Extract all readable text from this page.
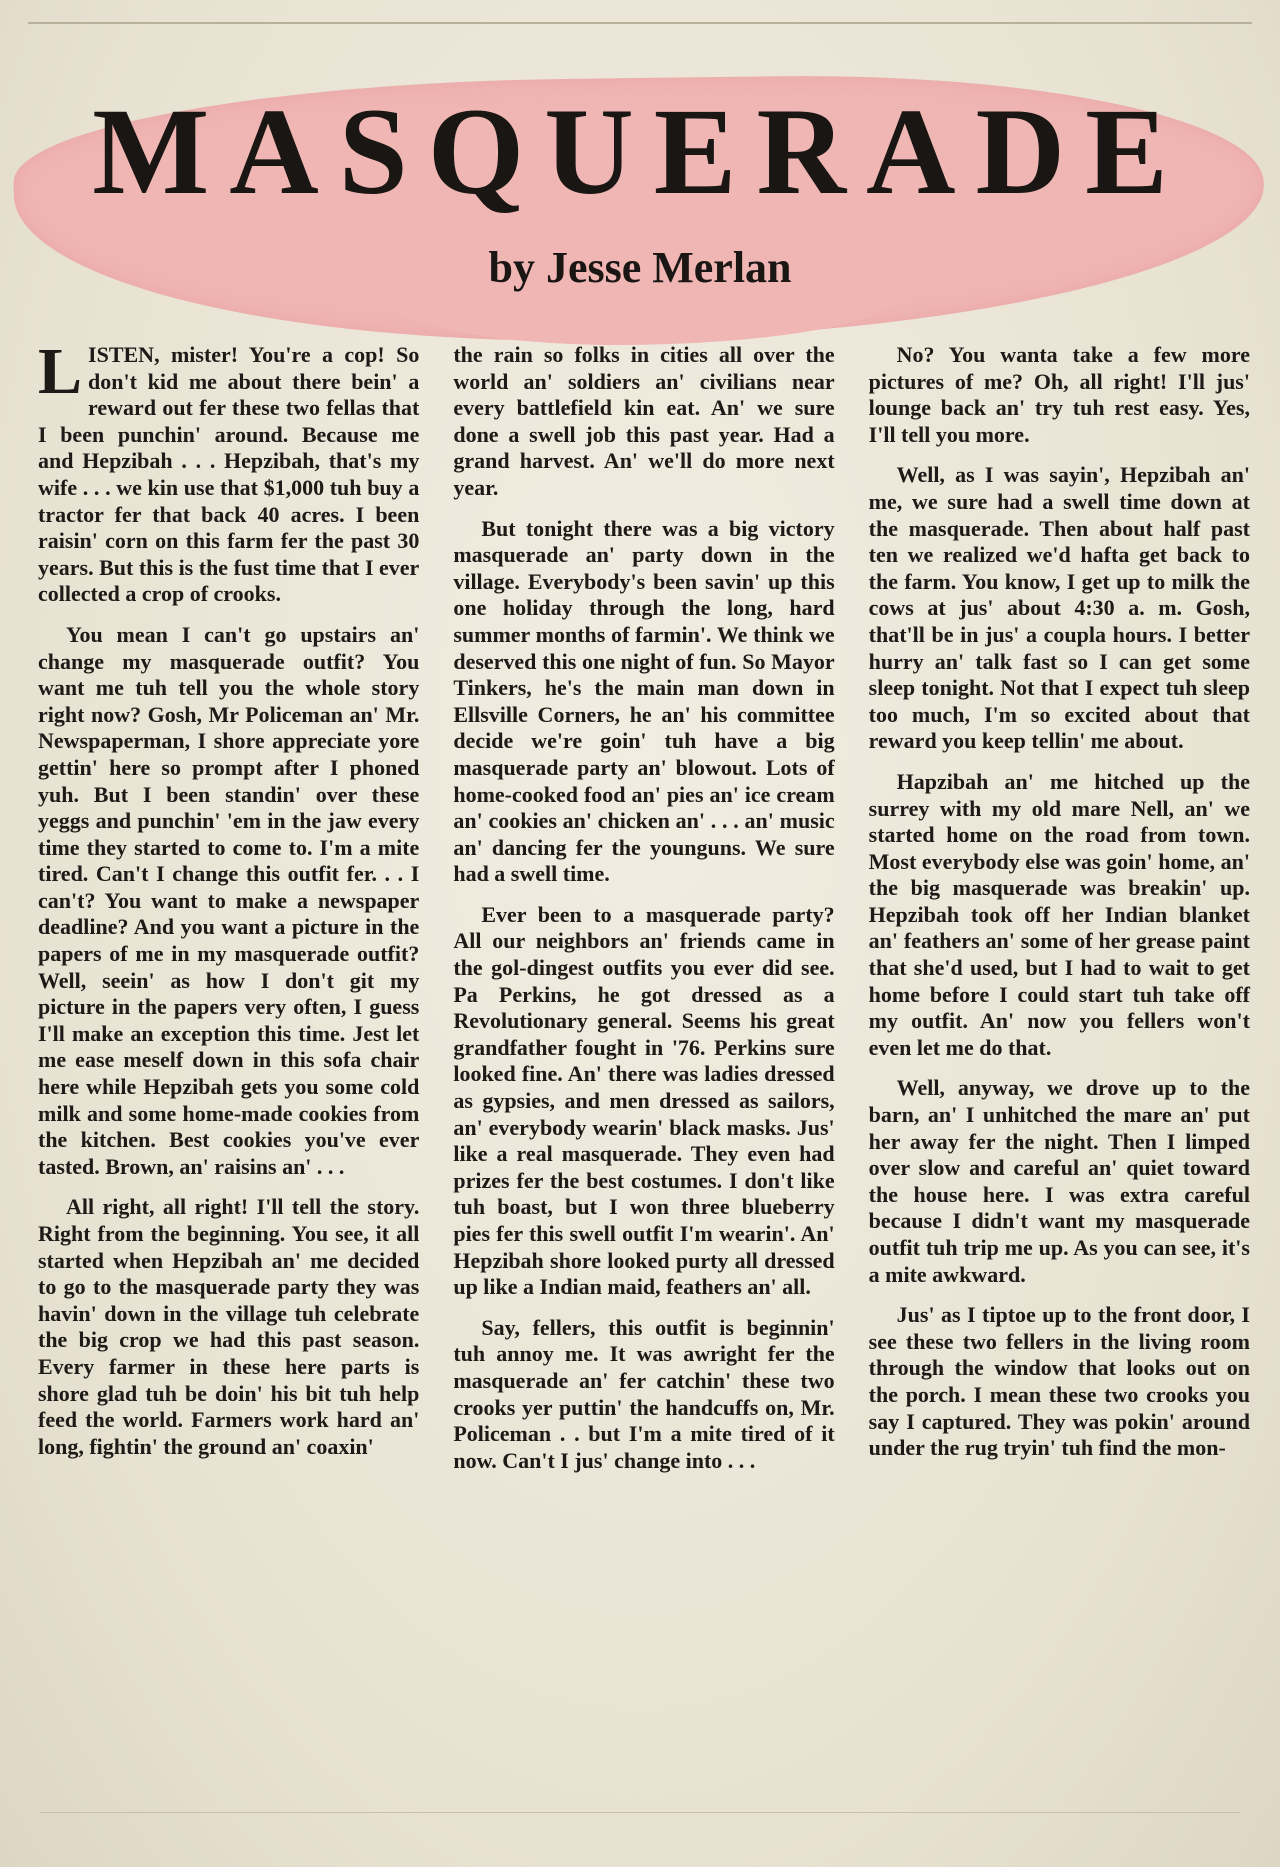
MASQUERADE
by Jesse Merlan

LISTEN, mister! You're a cop! So don't kid me about there bein' a reward out fer these two fellas that I been punchin' around. Because me and Hepzibah . . . Hepzibah, that's my wife . . . we kin use that $1,000 tuh buy a tractor fer that back 40 acres. I been raisin' corn on this farm fer the past 30 years. But this is the fust time that I ever collected a crop of crooks.

You mean I can't go upstairs an' change my masquerade outfit? You want me tuh tell you the whole story right now? Gosh, Mr Policeman an' Mr. Newspaperman, I shore appreciate yore gettin' here so prompt after I phoned yuh. But I been standin' over these yeggs and punchin' 'em in the jaw every time they started to come to. I'm a mite tired. Can't I change this outfit fer. . . I can't? You want to make a newspaper deadline? And you want a picture in the papers of me in my masquerade outfit? Well, seein' as how I don't git my picture in the papers very often, I guess I'll make an exception this time. Jest let me ease meself down in this sofa chair here while Hepzibah gets you some cold milk and some home-made cookies from the kitchen. Best cookies you've ever tasted. Brown, an' raisins an' . . .

All right, all right! I'll tell the story. Right from the beginning. You see, it all started when Hepzibah an' me decided to go to the masquerade party they was havin' down in the village tuh celebrate the big crop we had this past season. Every farmer in these here parts is shore glad tuh be doin' his bit tuh help feed the world. Farmers work hard an' long, fightin' the ground an' coaxin'

the rain so folks in cities all over the world an' soldiers an' civilians near every battlefield kin eat. An' we sure done a swell job this past year. Had a grand harvest. An' we'll do more next year.

But tonight there was a big victory masquerade an' party down in the village. Everybody's been savin' up this one holiday through the long, hard summer months of farmin'. We think we deserved this one night of fun. So Mayor Tinkers, he's the main man down in Ellsville Corners, he an' his committee decide we're goin' tuh have a big masquerade party an' blowout. Lots of home-cooked food an' pies an' ice cream an' cookies an' chicken an' . . . an' music an' dancing fer the younguns. We sure had a swell time.

Ever been to a masquerade party? All our neighbors an' friends came in the gol-dingest outfits you ever did see. Pa Perkins, he got dressed as a Revolutionary general. Seems his great grandfather fought in '76. Perkins sure looked fine. An' there was ladies dressed as gypsies, and men dressed as sailors, an' everybody wearin' black masks. Jus' like a real masquerade. They even had prizes fer the best costumes. I don't like tuh boast, but I won three blueberry pies fer this swell outfit I'm wearin'. An' Hepzibah shore looked purty all dressed up like a Indian maid, feathers an' all.

Say, fellers, this outfit is beginnin' tuh annoy me. It was awright fer the masquerade an' fer catchin' these two crooks yer puttin' the handcuffs on, Mr. Policeman . . but I'm a mite tired of it now. Can't I jus' change into . . .

No? You wanta take a few more pictures of me? Oh, all right! I'll jus' lounge back an' try tuh rest easy. Yes, I'll tell you more.

Well, as I was sayin', Hepzibah an' me, we sure had a swell time down at the masquerade. Then about half past ten we realized we'd hafta get back to the farm. You know, I get up to milk the cows at jus' about 4:30 a. m. Gosh, that'll be in jus' a coupla hours. I better hurry an' talk fast so I can get some sleep tonight. Not that I expect tuh sleep too much, I'm so excited about that reward you keep tellin' me about.

Hapzibah an' me hitched up the surrey with my old mare Nell, an' we started home on the road from town. Most everybody else was goin' home, an' the big masquerade was breakin' up. Hepzibah took off her Indian blanket an' feathers an' some of her grease paint that she'd used, but I had to wait to get home before I could start tuh take off my outfit. An' now you fellers won't even let me do that.

Well, anyway, we drove up to the barn, an' I unhitched the mare an' put her away fer the night. Then I limped over slow and careful an' quiet toward the house here. I was extra careful because I didn't want my masquerade outfit tuh trip me up. As you can see, it's a mite awkward.

Jus' as I tiptoe up to the front door, I see these two fellers in the living room through the window that looks out on the porch. I mean these two crooks you say I captured. They was pokin' around under the rug tryin' tuh find the mon-
